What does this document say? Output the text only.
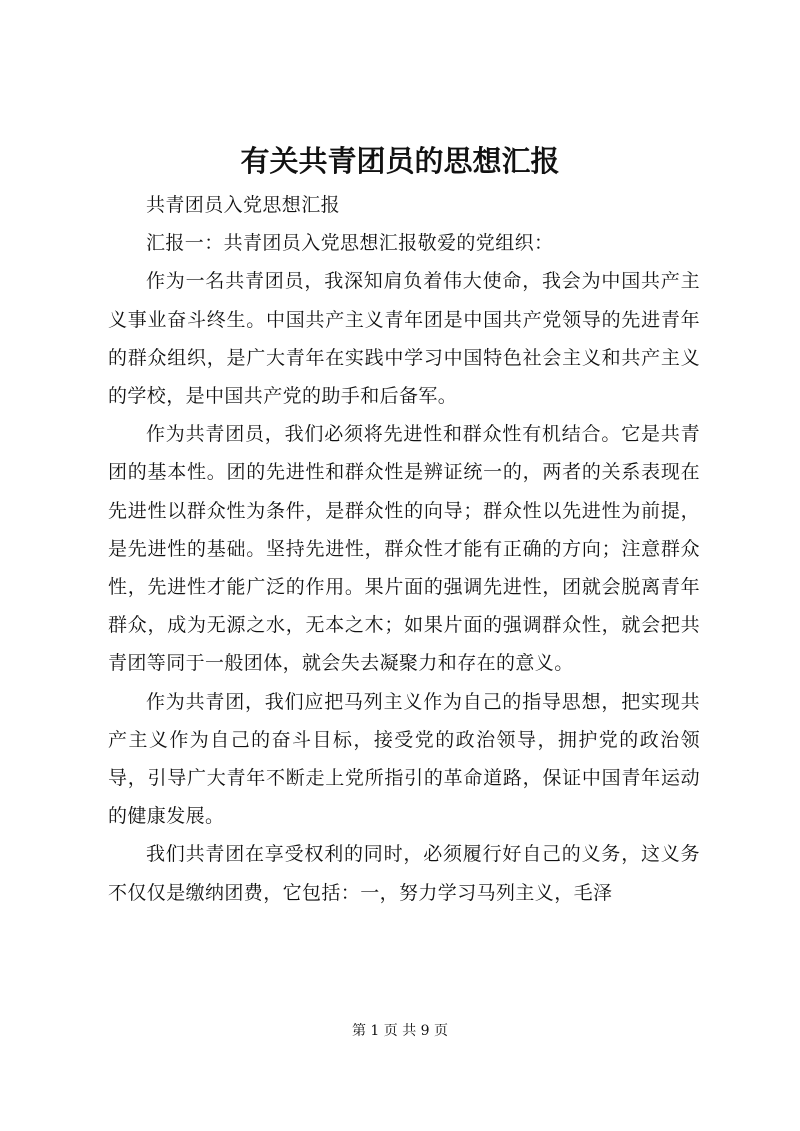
有关共青团员的思想汇报

共青团员入党思想汇报

汇报一：共青团员入党思想汇报敬爱的党组织：

作为一名共青团员，我深知肩负着伟大使命，我会为中国共产主义事业奋斗终生。中国共产主义青年团是中国共产党领导的先进青年的群众组织，是广大青年在实践中学习中国特色社会主义和共产主义的学校，是中国共产党的助手和后备军。

作为共青团员，我们必须将先进性和群众性有机结合。它是共青团的基本性。团的先进性和群众性是辨证统一的，两者的关系表现在先进性以群众性为条件，是群众性的向导；群众性以先进性为前提，是先进性的基础。坚持先进性，群众性才能有正确的方向；注意群众性，先进性才能广泛的作用。果片面的强调先进性，团就会脱离青年群众，成为无源之水，无本之木；如果片面的强调群众性，就会把共青团等同于一般团体，就会失去凝聚力和存在的意义。

作为共青团，我们应把马列主义作为自己的指导思想，把实现共产主义作为自己的奋斗目标，接受党的政治领导，拥护党的政治领导，引导广大青年不断走上党所指引的革命道路，保证中国青年运动的健康发展。

我们共青团在享受权利的同时，必须履行好自己的义务，这义务不仅仅是缴纳团费，它包括：一，努力学习马列主义，毛泽

第 1 页 共 9 页
